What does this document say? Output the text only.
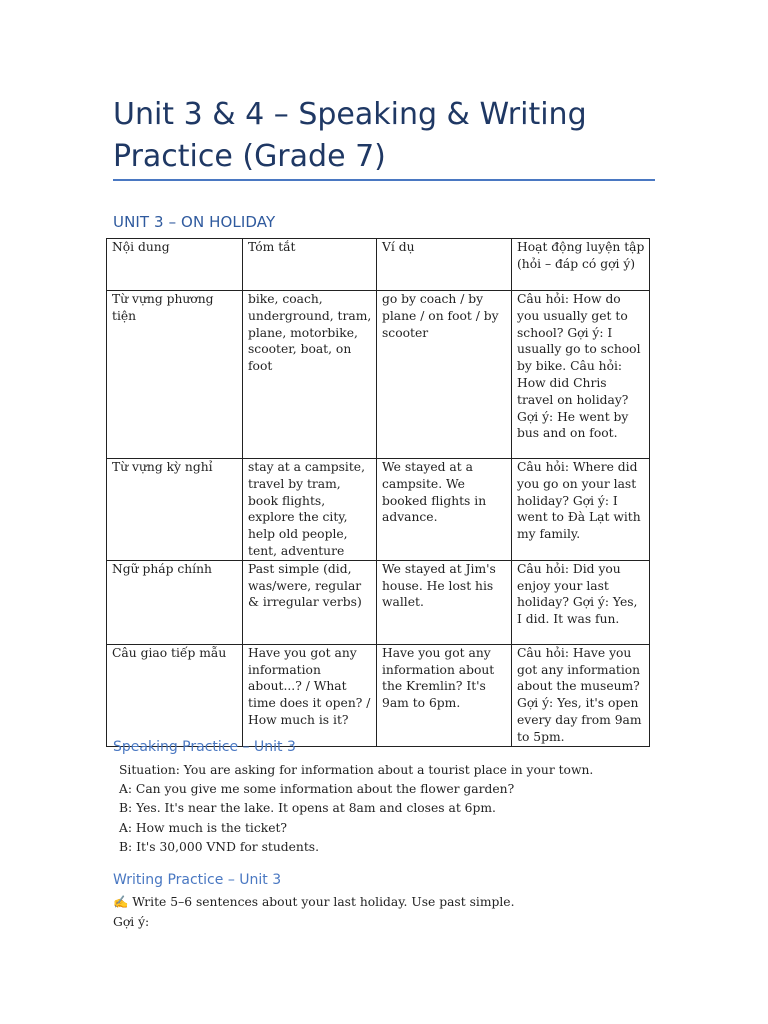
Unit 3 & 4 – Speaking & Writing
Practice (Grade 7)
UNIT 3 – ON HOLIDAY
Nội dung	Tóm tắt	Ví dụ	Hoạt động luyện tập (hỏi – đáp có gợi ý)
Từ vựng phương tiện	bike, coach, underground, tram, plane, motorbike, scooter, boat, on foot	go by coach / by plane / on foot / by scooter	Câu hỏi: How do you usually get to school? Gợi ý: I usually go to school by bike. Câu hỏi: How did Chris travel on holiday? Gợi ý: He went by bus and on foot.
Từ vựng kỳ nghỉ	stay at a campsite, travel by tram, book flights, explore the city, help old people, tent, adventure	We stayed at a campsite. We booked flights in advance.	Câu hỏi: Where did you go on your last holiday? Gợi ý: I went to Đà Lạt with my family.
Ngữ pháp chính	Past simple (did, was/were, regular & irregular verbs)	We stayed at Jim's house. He lost his wallet.	Câu hỏi: Did you enjoy your last holiday? Gợi ý: Yes, I did. It was fun.
Câu giao tiếp mẫu	Have you got any information about...? / What time does it open? / How much is it?	Have you got any information about the Kremlin? It's 9am to 6pm.	Câu hỏi: Have you got any information about the museum? Gợi ý: Yes, it's open every day from 9am to 5pm.
Speaking Practice – Unit 3

Situation: You are asking for information about a tourist place in your town.

A: Can you give me some information about the flower garden?

B: Yes. It's near the lake. It opens at 8am and closes at 6pm.

A: How much is the ticket?

B: It's 30,000 VND for students.

Writing Practice – Unit 3

✍ Write 5–6 sentences about your last holiday. Use past simple.

Gợi ý:
